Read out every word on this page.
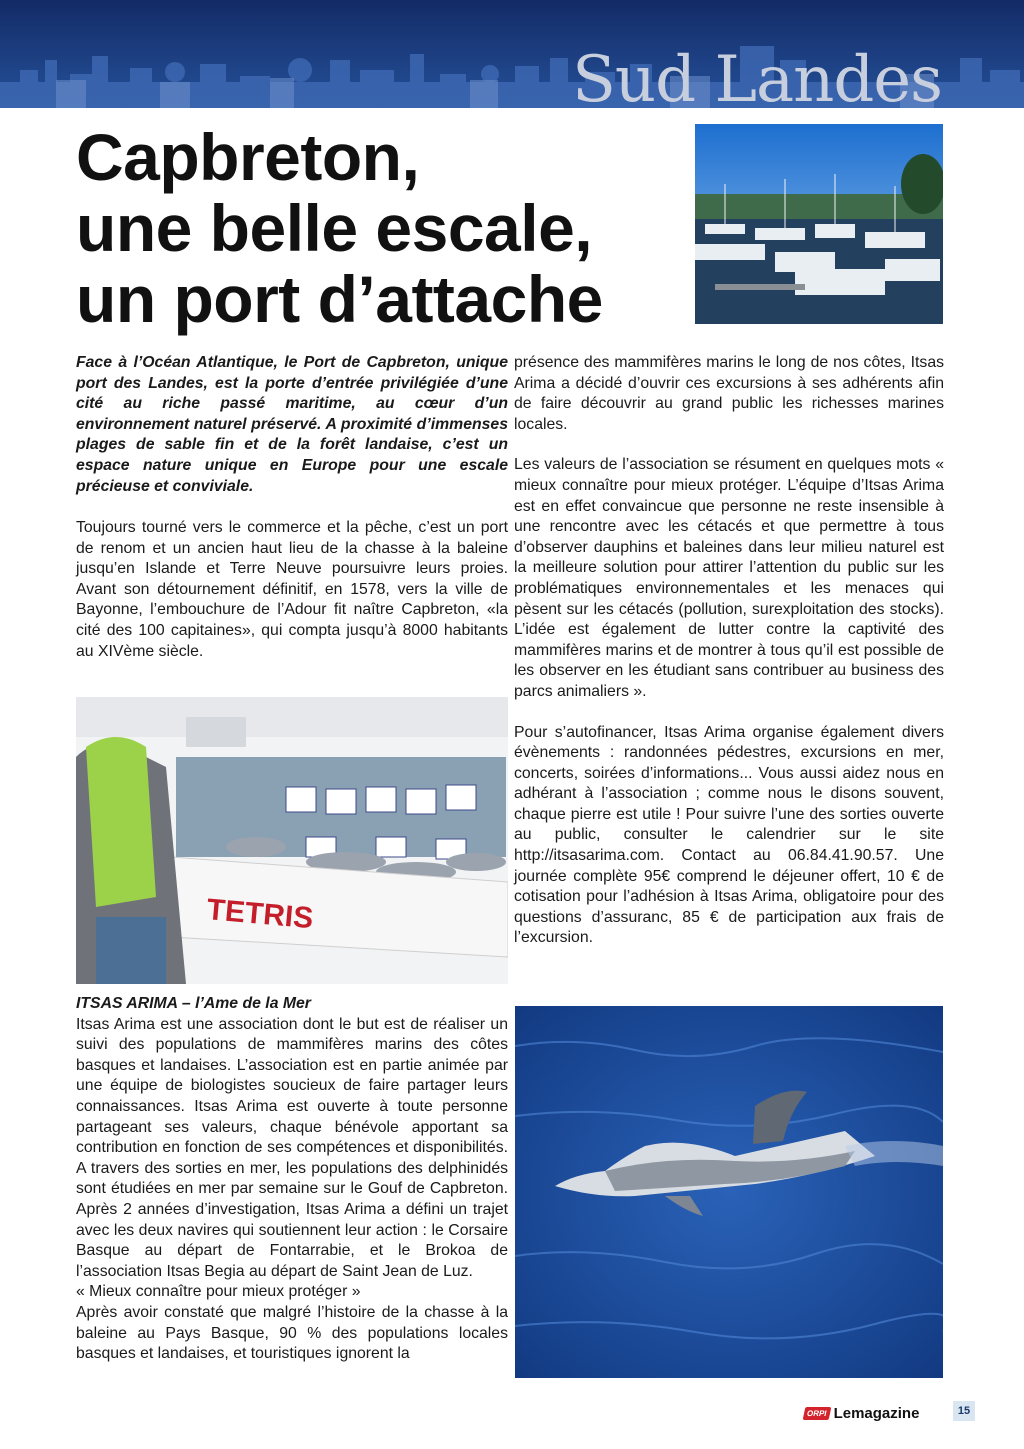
Sud Landes
Capbreton,
une belle escale,
un port d’attache

Face à l’Océan Atlantique, le Port de Capbreton, unique port des Landes, est la porte d’entrée privilégiée d’une cité au riche passé maritime, au cœur d’un environnement naturel préservé. A proximité d’immenses plages de sable fin et de la forêt landaise, c’est un espace nature unique en Europe pour une escale précieuse et conviviale.

Toujours tourné vers le commerce et la pêche, c’est un port de renom et un ancien haut lieu de la chasse à la baleine jusqu’en Islande et Terre Neuve poursuivre leurs proies. Avant son détournement définitif, en 1578, vers la ville de Bayonne, l’embouchure de l’Adour fit naître Capbreton, «la cité des 100 capitaines», qui compta jusqu’à 8000 habitants au XIVème siècle.

TETRIS

ITSAS ARIMA – l’Ame de la Mer

Itsas Arima est une association dont le but est de réaliser un suivi des populations de mammifères marins des côtes basques et landaises. L’association est en partie animée par une équipe de biologistes soucieux de faire partager leurs connaissances. Itsas Arima est ouverte à toute personne partageant ses valeurs, chaque bénévole apportant sa contribution en fonction de ses compétences et disponibilités. A travers des sorties en mer, les populations des delphinidés sont étudiées en mer par semaine sur le Gouf de Capbreton. Après 2 années d’investigation, Itsas Arima a défini un trajet avec les deux navires qui soutiennent leur action : le Corsaire Basque au départ de Fontarrabie, et le Brokoa de l’association Itsas Begia au départ de Saint Jean de Luz.

« Mieux connaître pour mieux protéger »

Après avoir constaté que malgré l’histoire de la chasse à la baleine au Pays Basque, 90 % des populations locales basques et landaises, et touristiques ignorent la

présence des mammifères marins le long de nos côtes, Itsas Arima a décidé d’ouvrir ces excursions à ses adhérents afin de faire découvrir au grand public les richesses marines locales.

Les valeurs de l’association se résument en quelques mots « mieux connaître pour mieux protéger. L’équipe d’Itsas Arima est en effet convaincue que personne ne reste insensible à une rencontre avec les cétacés et que permettre à tous d’observer dauphins et baleines dans leur milieu naturel est la meilleure solution pour attirer l’attention du public sur les problématiques environnementales et les menaces qui pèsent sur les cétacés (pollution, surexploitation des stocks). L’idée est également de lutter contre la captivité des mammifères marins et de montrer à tous qu’il est possible de les observer en les étudiant sans contribuer au business des parcs animaliers ».

Pour s’autofinancer, Itsas Arima organise également divers évènements : randonnées pédestres, excursions en mer, concerts, soirées d’informations... Vous aussi aidez nous en adhérant à l’association ; comme nous le disons souvent, chaque pierre est utile ! Pour suivre l’une des sorties ouverte au public, consulter le calendrier sur le site http://itsasarima.com. Contact au 06.84.41.90.57. Une journée complète 95€ comprend le déjeuner offert, 10 € de cotisation pour l’adhésion à Itsas Arima, obligatoire pour des questions d’assuranc, 85 € de participation aux frais de l’excursion.

ORPI Lemagazine	15
